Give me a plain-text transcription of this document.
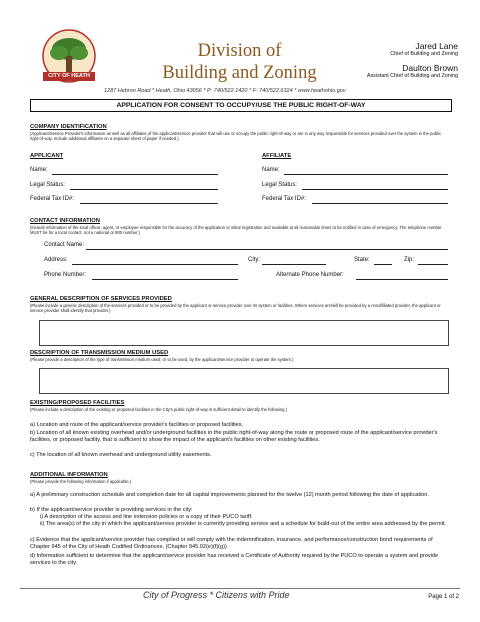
CITY OF HEATH
Division of
Building and Zoning
Jared Lane
Chief of Building and Zoning
Daulton Brown
Assistant Chief of Building and Zoning
1287 Hebron Road * Heath, Ohio 43056 * P: 740/522.1420 * F: 740/522.6324 * www.heathohio.gov
APPLICATION FOR CONSENT TO OCCUPY/USE THE PUBLIC RIGHT-OF-WAY
COMPANY IDENTIFICATION
(Applicant/Service Provider's information as well as all affiliates of the applicant/service provider that will use or occupy the public right-of-way or are in any way responsible for services provided over the system in the public right-of-way. Include additional affiliates on a separate sheet of paper if needed.)
APPLICANT	AFFILIATE
Name:	Name:
Legal Status:	Legal Status:
Federal Tax ID#:	Federal Tax ID#:
CONTACT INFORMATION
(Include information of the local officer, agent, or employee responsible for the accuracy of the application or initial registration and available at all reasonable times to be notified in case of emergency. The telephone number MUST be for a local contact, not a national or 800 number.)
Contact Name:
Address:	City:	State:	Zip:
Phone Number:	Alternate Phone Number:
GENERAL DESCRIPTION OF SERVICES PROVIDED
(Please include a generic description of the services provided or to be provided by the applicant or service provider over its system or facilities. Where services are/will be provided by a nonaffiliated provider, the applicant or service provider shall identify that provider.)
DESCRIPTION OF TRANSMISSION MEDIUM USED
(Please provide a description of the type of transmission medium used, or to be used, by the applicant/service provider to operate the system.)
EXISTING/PROPOSED FACILITIES
(Please include a description of the existing or proposed facilities in the City's public right-of-way is sufficient detail to identify the following.)
a) Location and route of the applicant/service provider's facilities or proposed facilities.
b) Location of all known existing overhead and/or underground facilities in the public right-of-way along the route or proposed route of the applicant/service provider's facilities, or proposed facility, that is sufficient to show the impact of the applicant's facilities on other existing facilities.
c) The location of all known overhead and underground utility easements.
ADDITIONAL INFORMATION
(Please provide the following information if applicable.)
a) A preliminary construction schedule and completion date for all capital improvements planned for the twelve (12) month period following the date of application.
b) If the applicant/service provider is providing services in the city:
i) A description of the access and line extension policies or a copy of their PUCO tariff.
ii) The area(s) of the city in which the applicant/service provider is currently providing service and a schedule for build-out of the entire area addressed by the permit.
c) Evidence that the applicant/service provider has complied or will comply with the indemnification, insurance, and performance/construction bond requirements of Chapter 945 of the City of Heath Codified Ordinances. (Chapter 945.02(e)(f)(g))
d) Information sufficient to determine that the applicant/service provider has received a Certificate of Authority required by the PUCO to operate a system and provide services to the city.
City of Progress * Citizens with Pride	Page 1 of 2
